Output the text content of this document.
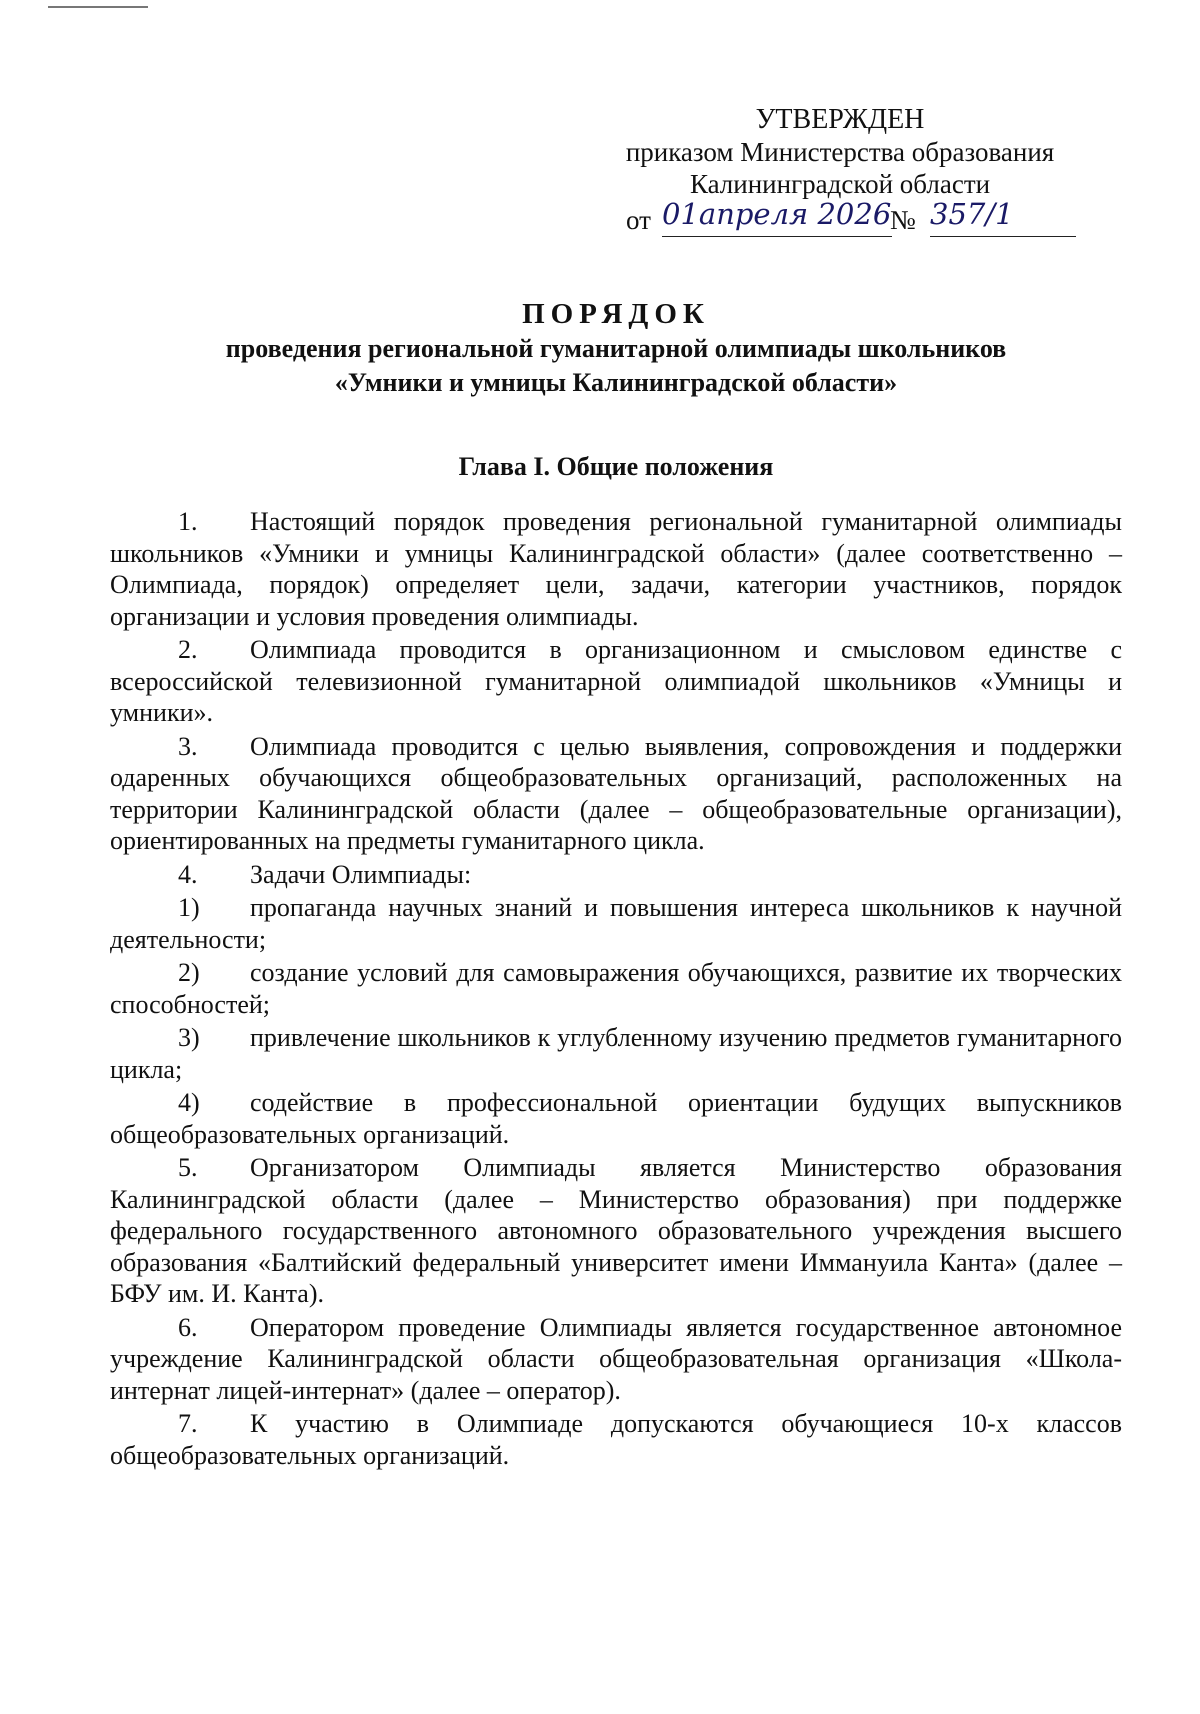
УТВЕРЖДЕН
приказом Министерства образования
Калининградской области
от 01апреля 2026
№ 357/1
ПОРЯДОК
проведения региональной гуманитарной олимпиады школьников
«Умники и умницы Калининградской области»
Глава I. Общие положения

1. Настоящий порядок проведения региональной гуманитарной олимпиады школьников «Умники и умницы Калининградской области» (далее соответственно – Олимпиада, порядок) определяет цели, задачи, категории участников, порядок организации и условия проведения олимпиады.

2. Олимпиада проводится в организационном и смысловом единстве с всероссийской телевизионной гуманитарной олимпиадой школьников «Умницы и умники».

3. Олимпиада проводится с целью выявления, сопровождения и поддержки одаренных обучающихся общеобразовательных организаций, расположенных на территории Калининградской области (далее – общеобразовательные организации), ориентированных на предметы гуманитарного цикла.

4. Задачи Олимпиады:

1) пропаганда научных знаний и повышения интереса школьников к научной деятельности;

2) создание условий для самовыражения обучающихся, развитие их творческих способностей;

3) привлечение школьников к углубленному изучению предметов гуманитарного цикла;

4) содействие в профессиональной ориентации будущих выпускников общеобразовательных организаций.

5. Организатором Олимпиады является Министерство образования Калининградской области (далее – Министерство образования) при поддержке федерального государственного автономного образовательного учреждения высшего образования «Балтийский федеральный университет имени Иммануила Канта» (далее – БФУ им. И. Канта).

6. Оператором проведение Олимпиады является государственное автономное учреждение Калининградской области общеобразовательная организация «Школа-интернат лицей-интернат» (далее – оператор).

7. К участию в Олимпиаде допускаются обучающиеся 10-х классов общеобразовательных организаций.
